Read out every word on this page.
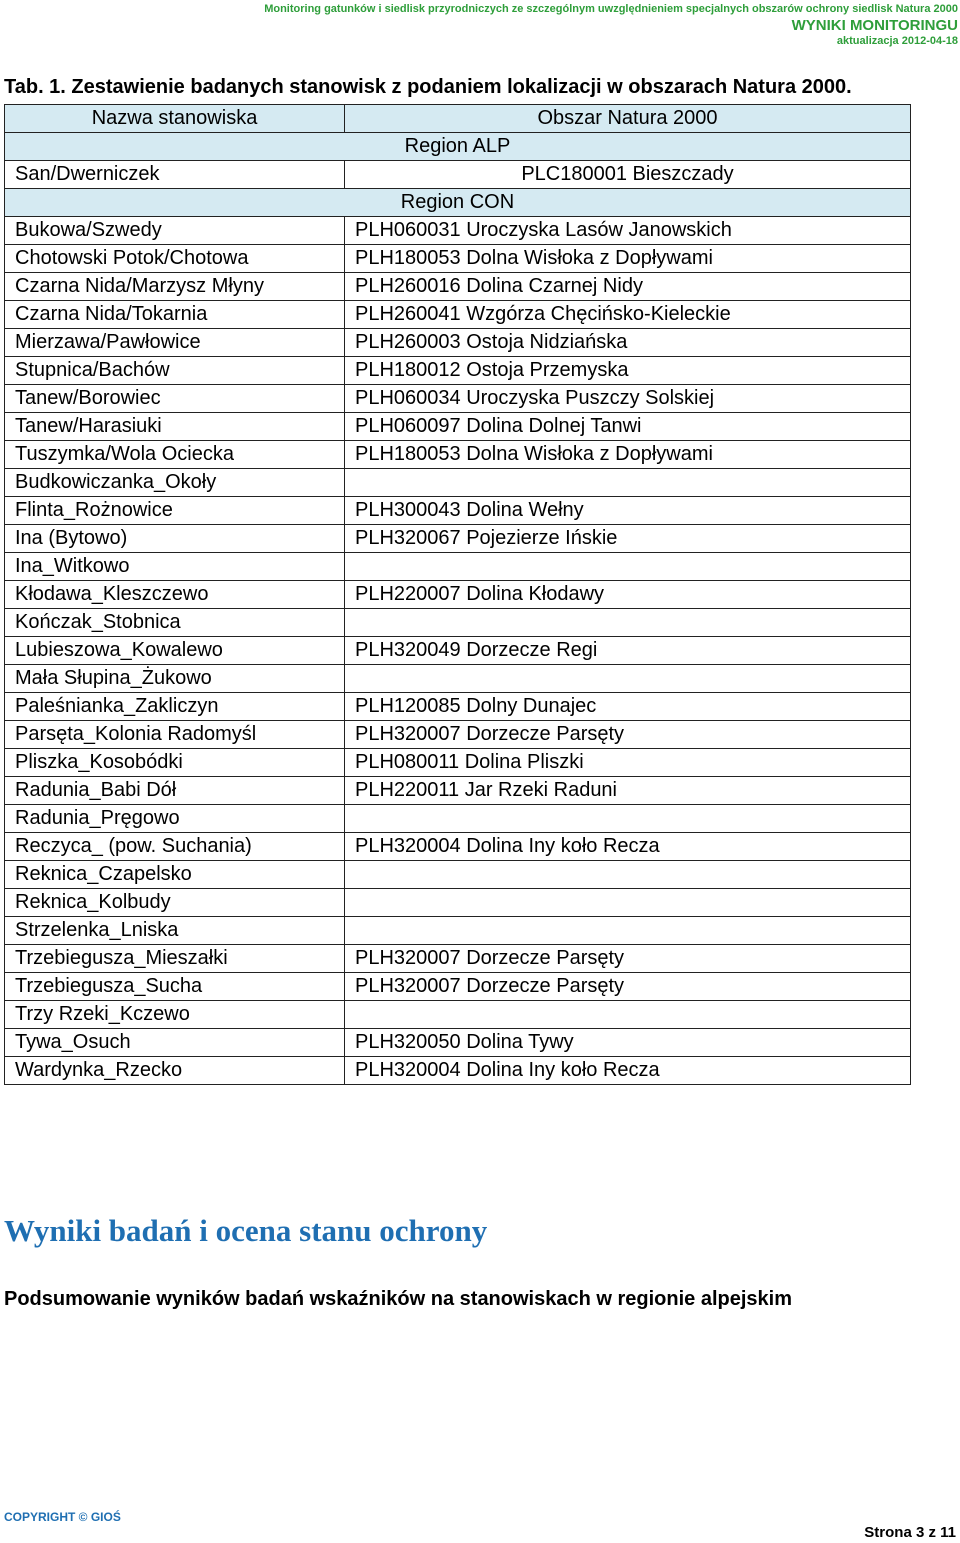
Monitoring gatunków i siedlisk przyrodniczych ze szczególnym uwzględnieniem specjalnych obszarów ochrony siedlisk Natura 2000
WYNIKI MONITORINGU
aktualizacja 2012-04-18
Tab. 1. Zestawienie badanych stanowisk z podaniem lokalizacji w obszarach Natura 2000.
Nazwa stanowiska	Obszar Natura 2000
Region ALP	
San/Dwerniczek	PLC180001 Bieszczady
Region CON	
Bukowa/Szwedy	PLH060031 Uroczyska Lasów Janowskich
Chotowski Potok/Chotowa	PLH180053 Dolna Wisłoka z Dopływami
Czarna Nida/Marzysz Młyny	PLH260016 Dolina Czarnej Nidy
Czarna Nida/Tokarnia	PLH260041 Wzgórza Chęcińsko-Kieleckie
Mierzawa/Pawłowice	PLH260003 Ostoja Nidziańska
Stupnica/Bachów	PLH180012 Ostoja Przemyska
Tanew/Borowiec	PLH060034 Uroczyska Puszczy Solskiej
Tanew/Harasiuki	PLH060097 Dolina Dolnej Tanwi
Tuszymka/Wola Ociecka	PLH180053 Dolna Wisłoka z Dopływami
Budkowiczanka_Okoły	
Flinta_Rożnowice	PLH300043 Dolina Wełny
Ina (Bytowo)	PLH320067 Pojezierze Ińskie
Ina_Witkowo	
Kłodawa_Kleszczewo	PLH220007 Dolina Kłodawy
Kończak_Stobnica	
Lubieszowa_Kowalewo	PLH320049 Dorzecze Regi
Mała Słupina_Żukowo	
Paleśnianka_Zakliczyn	PLH120085 Dolny Dunajec
Parsęta_Kolonia Radomyśl	PLH320007 Dorzecze Parsęty
Pliszka_Kosobódki	PLH080011 Dolina Pliszki
Radunia_Babi Dół	PLH220011 Jar Rzeki Raduni
Radunia_Pręgowo	
Reczyca_ (pow. Suchania)	PLH320004 Dolina Iny koło Recza
Reknica_Czapelsko	
Reknica_Kolbudy	
Strzelenka_Lniska	
Trzebiegusza_Mieszałki	PLH320007 Dorzecze Parsęty
Trzebiegusza_Sucha	PLH320007 Dorzecze Parsęty
Trzy Rzeki_Kczewo	
Tywa_Osuch	PLH320050 Dolina Tywy
Wardynka_Rzecko	PLH320004 Dolina Iny koło Recza
Wyniki badań i ocena stanu ochrony
Podsumowanie wyników badań wskaźników na stanowiskach w regionie alpejskim
COPYRIGHT © GIOŚ
Strona 3 z 11
